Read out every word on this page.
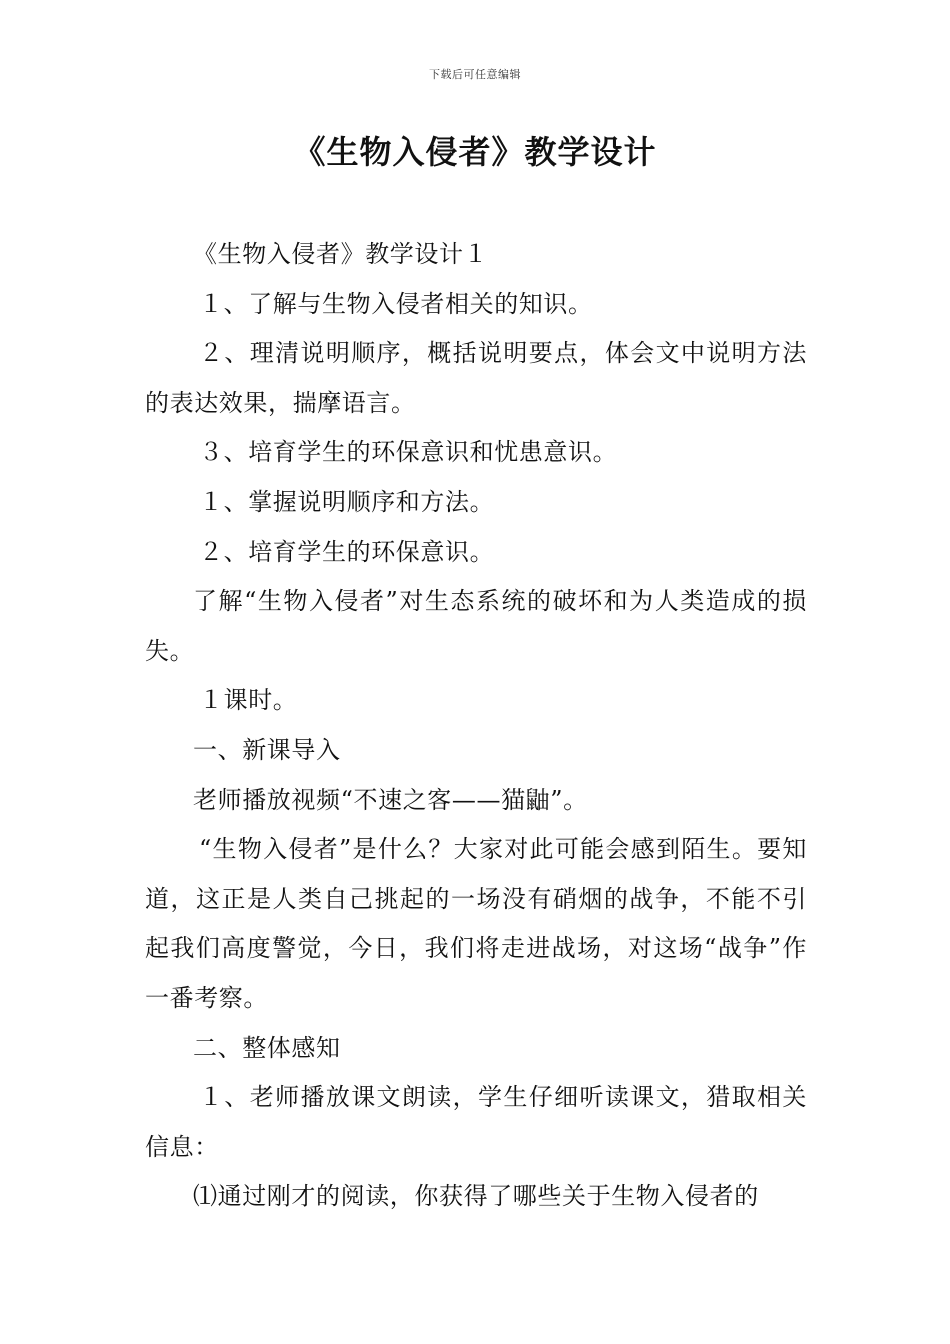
下载后可任意编辑
《生物入侵者》教学设计

《生物入侵者》教学设计１

１、了解与生物入侵者相关的知识。

２、理清说明顺序，概括说明要点，体会文中说明方法的表达效果，揣摩语言。

３、培育学生的环保意识和忧患意识。

１、掌握说明顺序和方法。

２、培育学生的环保意识。

了解“生物入侵者”对生态系统的破坏和为人类造成的损失。

１课时。

一、新课导入

老师播放视频“不速之客——猫鼬”。

“生物入侵者”是什么？大家对此可能会感到陌生。要知道，这正是人类自己挑起的一场没有硝烟的战争，不能不引起我们高度警觉，今日，我们将走进战场，对这场“战争”作一番考察。

二、整体感知

１、老师播放课文朗读，学生仔细听读课文，猎取相关信息：

⑴通过刚才的阅读，你获得了哪些关于生物入侵者的
